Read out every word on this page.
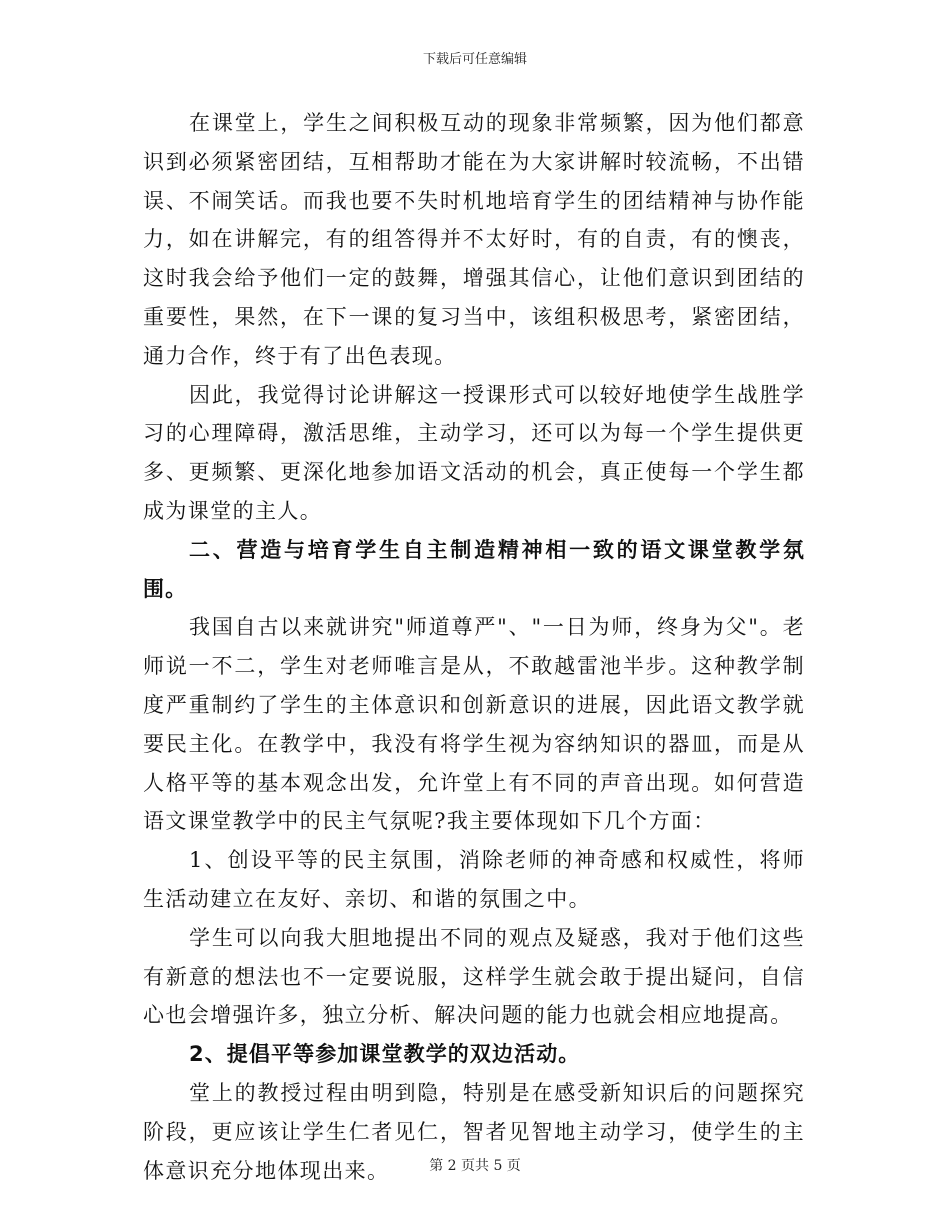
下载后可任意编辑

在课堂上，学生之间积极互动的现象非常频繁，因为他们都意识到必须紧密团结，互相帮助才能在为大家讲解时较流畅，不出错误、不闹笑话。而我也要不失时机地培育学生的团结精神与协作能力，如在讲解完，有的组答得并不太好时，有的自责，有的懊丧，这时我会给予他们一定的鼓舞，增强其信心，让他们意识到团结的重要性，果然，在下一课的复习当中，该组积极思考，紧密团结，通力合作，终于有了出色表现。

因此，我觉得讨论讲解这一授课形式可以较好地使学生战胜学习的心理障碍，激活思维，主动学习，还可以为每一个学生提供更多、更频繁、更深化地参加语文活动的机会，真正使每一个学生都成为课堂的主人。

二、营造与培育学生自主制造精神相一致的语文课堂教学氛围。

我国自古以来就讲究"师道尊严"、"一日为师，终身为父"。老师说一不二，学生对老师唯言是从，不敢越雷池半步。这种教学制度严重制约了学生的主体意识和创新意识的进展，因此语文教学就要民主化。在教学中，我没有将学生视为容纳知识的器皿，而是从人格平等的基本观念出发，允许堂上有不同的声音出现。如何营造语文课堂教学中的民主气氛呢?我主要体现如下几个方面：

1、创设平等的民主氛围，消除老师的神奇感和权威性，将师生活动建立在友好、亲切、和谐的氛围之中。

学生可以向我大胆地提出不同的观点及疑惑，我对于他们这些有新意的想法也不一定要说服，这样学生就会敢于提出疑问，自信心也会增强许多，独立分析、解决问题的能力也就会相应地提高。

2、提倡平等参加课堂教学的双边活动。

堂上的教授过程由明到隐，特别是在感受新知识后的问题探究阶段，更应该让学生仁者见仁，智者见智地主动学习，使学生的主体意识充分地体现出来。	第 2 页共 5 页
